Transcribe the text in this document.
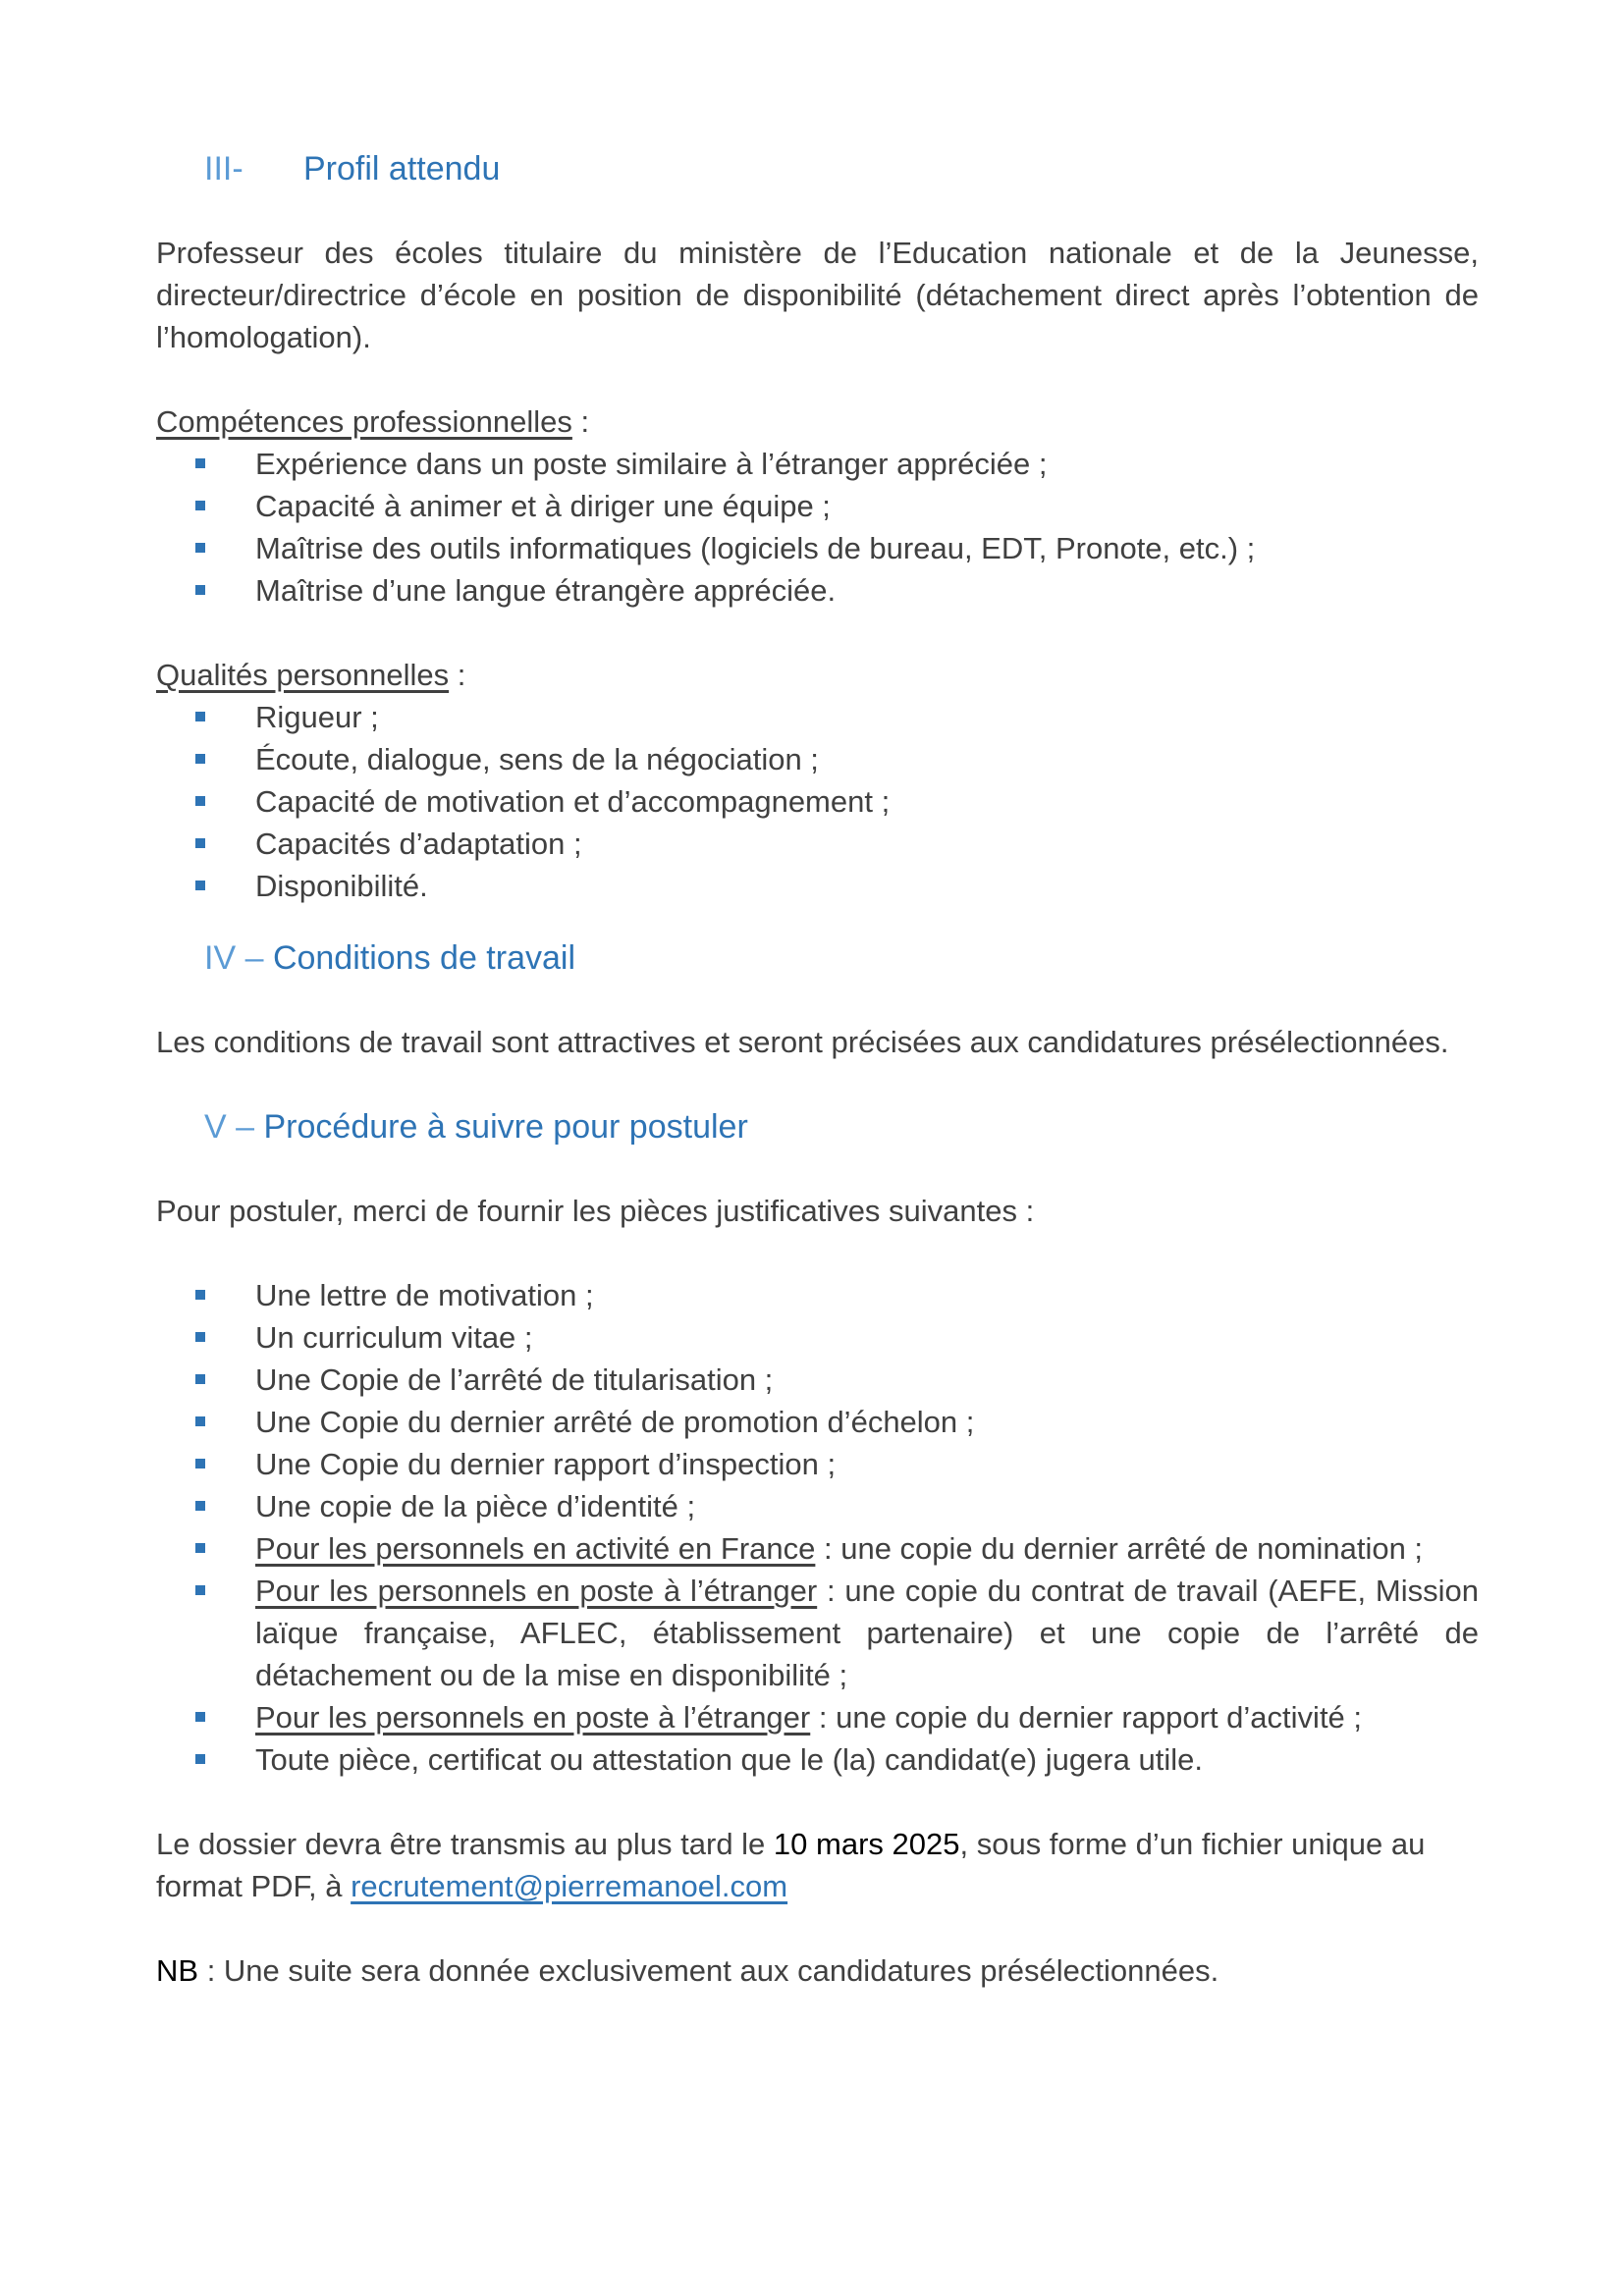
III- Profil attendu
Professeur des écoles titulaire du ministère de l’Education nationale et de la Jeunesse, directeur/directrice d’école en position de disponibilité (détachement direct après l’obtention de l’homologation).
Compétences professionnelles :
Expérience dans un poste similaire à l’étranger appréciée ;
Capacité à animer et à diriger une équipe ;
Maîtrise des outils informatiques (logiciels de bureau, EDT, Pronote, etc.) ;
Maîtrise d’une langue étrangère appréciée.
Qualités personnelles :
Rigueur ;
Écoute, dialogue, sens de la négociation ;
Capacité de motivation et d’accompagnement ;
Capacités d’adaptation ;
Disponibilité.
IV – Conditions de travail
Les conditions de travail sont attractives et seront précisées aux candidatures présélectionnées.
V – Procédure à suivre pour postuler
Pour postuler, merci de fournir les pièces justificatives suivantes :
Une lettre de motivation ;
Un curriculum vitae ;
Une Copie de l’arrêté de titularisation ;
Une Copie du dernier arrêté de promotion d’échelon ;
Une Copie du dernier rapport d’inspection ;
Une copie de la pièce d’identité ;
Pour les personnels en activité en France : une copie du dernier arrêté de nomination ;
Pour les personnels en poste à l’étranger : une copie du contrat de travail (AEFE, Mission laïque française, AFLEC, établissement partenaire) et une copie de l’arrêté de détachement ou de la mise en disponibilité ;
Pour les personnels en poste à l’étranger : une copie du dernier rapport d’activité ;
Toute pièce, certificat ou attestation que le (la) candidat(e) jugera utile.
Le dossier devra être transmis au plus tard le 10 mars 2025, sous forme d’un fichier unique au format PDF, à recrutement@pierremanoel.com
NB : Une suite sera donnée exclusivement aux candidatures présélectionnées.
